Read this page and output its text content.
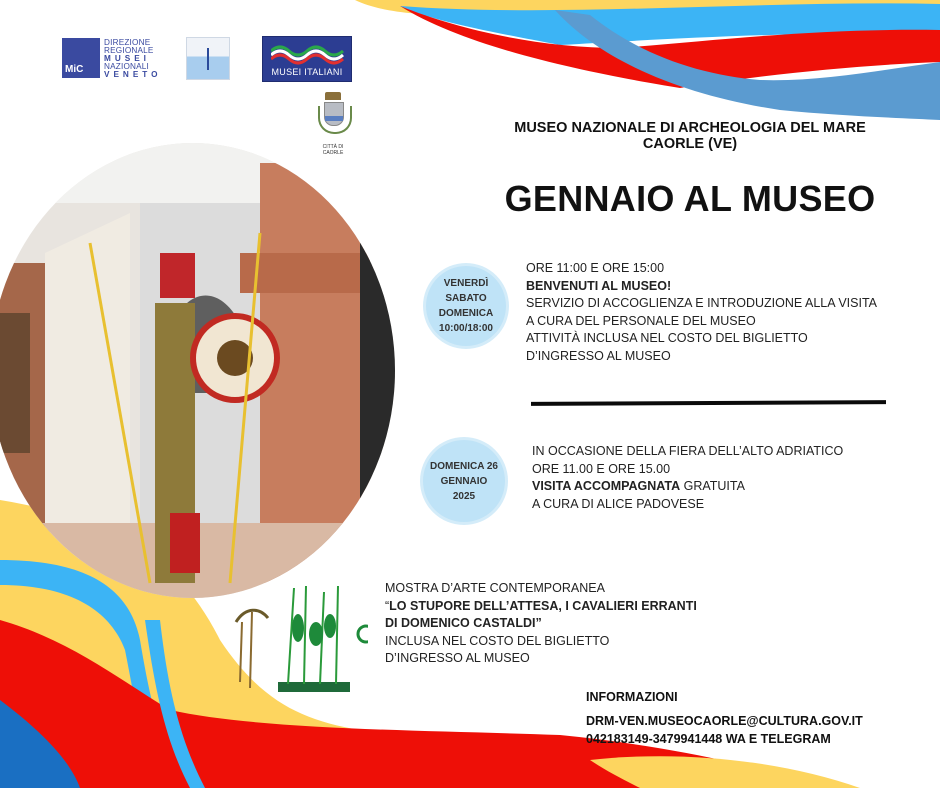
MiC
DIREZIONE
REGIONALE
MUSEI
NAZIONALI
VENETO	MUSEI ITALIANI
CITTÀ DI CAORLE
MUSEO NAZIONALE DI ARCHEOLOGIA DEL MARE
CAORLE (VE)
GENNAIO AL MUSEO
VENERDÌ
SABATO
DOMENICA
10:00/18:00
ORE 11:00 E ORE 15:00
BENVENUTI AL MUSEO!
SERVIZIO DI ACCOGLIENZA E INTRODUZIONE ALLA VISITA
A CURA DEL PERSONALE DEL MUSEO
ATTIVITÀ INCLUSA NEL COSTO DEL BIGLIETTO
D’INGRESSO AL MUSEO
DOMENICA 26
GENNAIO
2025
IN OCCASIONE DELLA FIERA DELL’ALTO ADRIATICO
ORE 11.00 E ORE 15.00
VISITA ACCOMPAGNATA GRATUITA
A CURA DI ALICE PADOVESE
MOSTRA D’ARTE CONTEMPORANEA
“LO STUPORE DELL’ATTESA, I CAVALIERI ERRANTI
DI DOMENICO CASTALDI”
INCLUSA NEL COSTO DEL BIGLIETTO
D’INGRESSO AL MUSEO
INFORMAZIONI
DRM-VEN.MUSEOCAORLE@CULTURA.GOV.IT
042183149-3479941448 WA E TELEGRAM
